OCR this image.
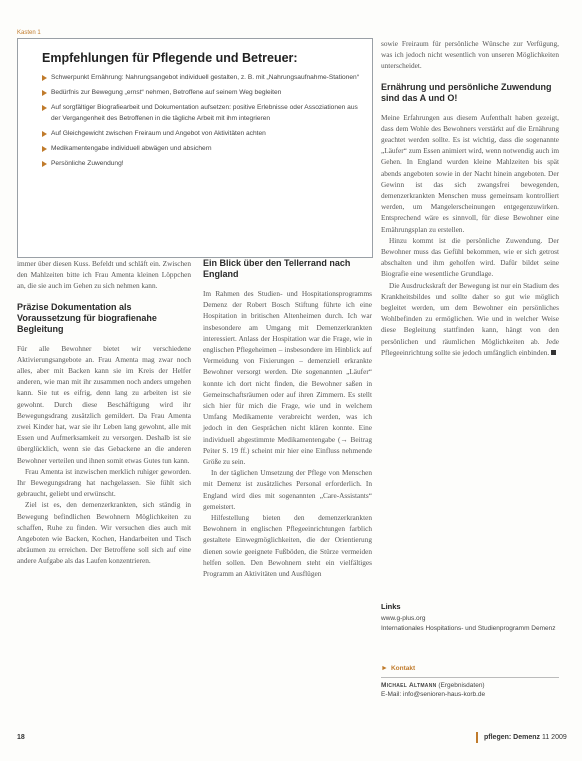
Kasten 1
Empfehlungen für Pflegende und Betreuer:
Schwerpunkt Ernährung: Nahrungsangebot individuell gestalten, z. B. mit „Nahrungsaufnahme-Stationen“
Bedürfnis zur Bewegung „ernst“ nehmen, Betroffene auf seinem Weg begleiten
Auf sorgfältiger Biografiearbeit und Dokumentation aufsetzen: positive Erlebnisse oder Assoziationen aus der Vergangenheit des Betroffenen in die tägliche Arbeit mit ihm integrieren
Auf Gleichgewicht zwischen Freiraum und Angebot von Aktivitäten achten
Medikamentengabe individuell abwägen und absichern
Persönliche Zuwendung!

immer über diesen Kuss. Befeldt und schläft ein. Zwischen den Mahlzeiten bitte ich Frau Amenta kleinen Löppchen an, die sie auch im Gehen zu sich nehmen kann.

Präzise Dokumentation als Voraussetzung für biografienahe Begleitung

Für alle Bewohner bietet wir verschiedene Aktivierungsangebote an. Frau Amenta mag zwar noch alles, aber mit Backen kann sie im Kreis der Helfer anderen, wie man mit ihr zusammen noch anders umgehen kann. Sie tut es eifrig, denn lang zu arbeiten ist sie gewohnt. Durch diese Beschäftigung wird ihr Bewegungsdrang zusätzlich gemildert. Da Frau Amenta zwei Kinder hat, war sie ihr Leben lang gewohnt, alle mit Essen und Aufmerksamkeit zu versorgen. Deshalb ist sie überglücklich, wenn sie das Gebackene an die anderen Bewohner verteilen und ihnen somit etwas Gutes tun kann.

Frau Amenta ist inzwischen merklich ruhiger geworden. Ihr Bewegungsdrang hat nachgelassen. Sie fühlt sich gebraucht, geliebt und erwünscht.

Ziel ist es, den demenzerkrankten, sich ständig in Bewegung befindlichen Bewohnern Möglichkeiten zu schaffen, Ruhe zu finden. Wir versuchen dies auch mit Angeboten wie Backen, Kochen, Handarbeiten und Tisch abräumen zu erreichen. Der Betroffene soll sich auf eine andere Aufgabe als das Laufen konzentrieren.

Ein Blick über den Tellerrand nach England

Im Rahmen des Studien- und Hospitationsprogramms Demenz der Robert Bosch Stiftung führte ich eine Hospitation in britischen Altenheimen durch. Ich war insbesondere am Umgang mit Demenzerkrankten interessiert. Anlass der Hospitation war die Frage, wie in englischen Pflegeheimen – insbesondere im Hinblick auf Vermeidung von Fixierungen – demenziell erkrankte Bewohner versorgt werden. Die sogenannten „Läufer“ konnte ich dort nicht finden, die Bewohner saßen in Gemeinschaftsräumen oder auf ihren Zimmern. Es stellt sich hier für mich die Frage, wie und in welchem Umfang Medikamente verabreicht werden, was ich jedoch in den Gesprächen nicht klären konnte. Eine individuell abgestimmte Medikamentengabe (→ Beitrag Peiter S. 19 ff.) scheint mir hier eine Einfluss nehmende Größe zu sein.

In der täglichen Umsetzung der Pflege von Menschen mit Demenz ist zusätzliches Personal erforderlich. In England wird dies mit sogenannten „Care-Assistants“ gemeistert.

Hilfestellung bieten den demenzerkrankten Bewohnern in englischen Pflegeeinrichtungen farblich gestaltete Einwegmöglichkeiten, die der Orientierung dienen sowie geeignete Fußböden, die Stürze vermeiden helfen sollen. Den Bewohnern steht ein vielfältiges Programm an Aktivitäten und Ausflügen

sowie Freiraum für persönliche Wünsche zur Verfügung, was ich jedoch nicht wesentlich von unseren Möglichkeiten unterscheidet.

Ernährung und persönliche Zuwendung sind das A und O!

Meine Erfahrungen aus diesem Aufenthalt haben gezeigt, dass dem Wohle des Bewohners verstärkt auf die Ernährung geachtet werden sollte. Es ist wichtig, dass die sogenannte „Läufer“ zum Essen animiert wird, wenn notwendig auch im Gehen. In England wurden kleine Mahlzeiten bis spät abends angeboten sowie in der Nacht hinein angeboten. Der Gewinn ist das sich zwangsfrei bewegenden, demenzerkrankten Menschen muss gemeinsam kontrolliert werden, um Mangelerscheinungen entgegenzuwirken. Entsprechend wäre es sinnvoll, für diese Bewohner eine Ernährungsplan zu erstellen.

Hinzu kommt ist die persönliche Zuwendung. Der Bewohner muss das Gefühl bekommen, wie er sich getrost abschalten und ihm geholfen wird. Dafür bildet seine Biografie eine wesentliche Grundlage.

Die Ausdruckskraft der Bewegung ist nur ein Stadium des Krankheitsbildes und sollte daher so gut wie möglich begleitet werden, um dem Bewohner ein persönliches Wohlbefinden zu ermöglichen. Wie und in welcher Weise diese Begleitung stattfinden kann, hängt von den persönlichen und räumlichen Möglichkeiten ab. Jede Pflegeeinrichtung sollte sie jedoch umfänglich einbinden.

Links
www.g-plus.org
Internationales Hospitations- und Studienprogramm Demenz
► Kontakt
Michael Altmann (Ergebnisdaten)
E-Mail: info@senioren-haus-korb.de
18	pflegen: Demenz 11 2009
